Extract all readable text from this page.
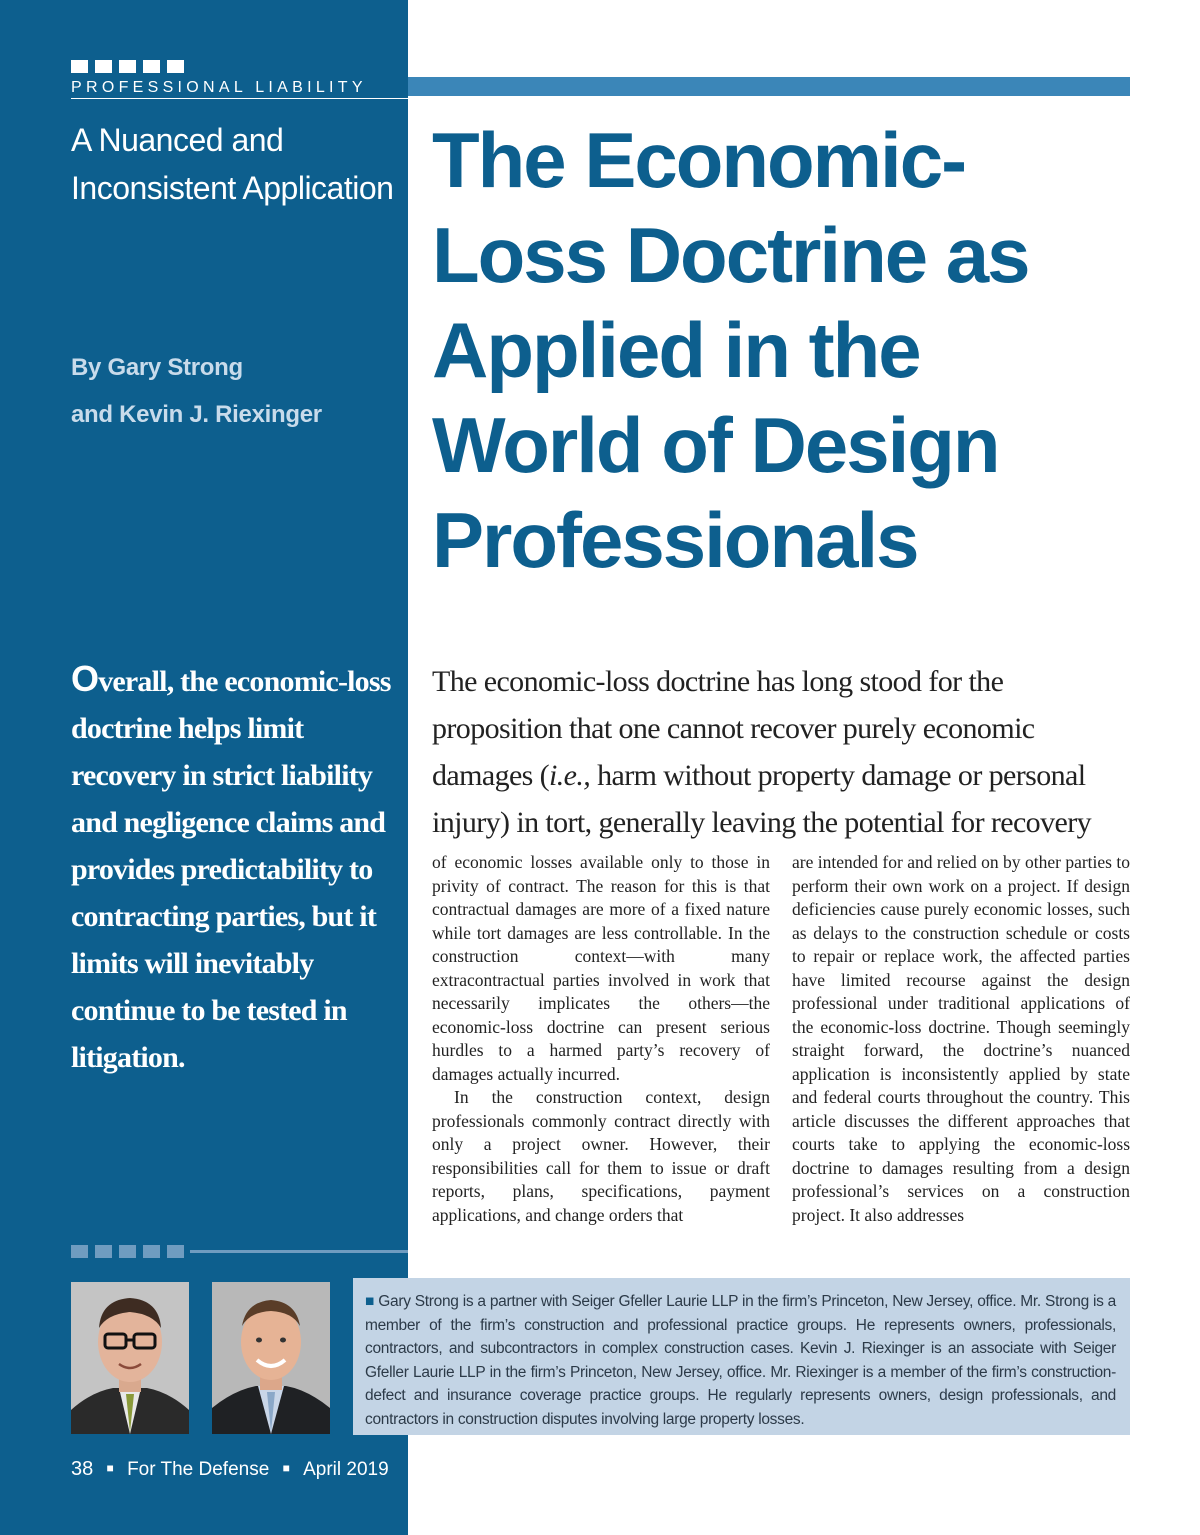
PROFESSIONAL LIABILITY
A Nuanced and
Inconsistent Application
By Gary Strong
and Kevin J. Riexinger
Overall, the economic-loss doctrine helps limit recovery in strict liability and negligence claims and provides predictability to contracting parties, but it limits will inevitably continue to be tested in litigation.
The Economic-
Loss Doctrine as
Applied in the
World of Design
Professionals
The economic-loss doctrine has long stood for the
proposition that one cannot recover purely economic
damages (i.e., harm without property damage or personal
injury) in tort, generally leaving the potential for recovery

of economic losses available only to those in privity of contract. The reason for this is that contractual damages are more of a fixed nature while tort damages are less controllable. In the construction context—with many extracontractual parties involved in work that necessarily implicates the others—the economic-loss doctrine can present serious hurdles to a harmed party’s recovery of damages actually incurred.

In the construction context, design professionals commonly contract directly with only a project owner. However, their responsibilities call for them to issue or draft reports, plans, specifications, payment applications, and change orders that

are intended for and relied on by other parties to perform their own work on a project. If design deficiencies cause purely economic losses, such as delays to the construction schedule or costs to repair or replace work, the affected parties have limited recourse against the design professional under traditional applications of the economic-loss doctrine. Though seemingly straight forward, the doctrine’s nuanced application is inconsistently applied by state and federal courts throughout the country. This article discusses the different approaches that courts take to applying the economic-loss doctrine to damages resulting from a design professional’s services on a construction project. It also addresses

■ Gary Strong is a partner with Seiger Gfeller Laurie LLP in the firm’s Princeton, New Jersey, office. Mr. Strong is a member of the firm’s construction and professional practice groups. He represents owners, professionals, contractors, and subcontractors in complex construction cases. Kevin J. Riexinger is an associate with Seiger Gfeller Laurie LLP in the firm’s Princeton, New Jersey, office. Mr. Riexinger is a member of the firm’s construction-defect and insurance coverage practice groups. He regularly represents owners, design professionals, and contractors in construction disputes involving large property losses.
38 ■ For The Defense ■ April 2019
